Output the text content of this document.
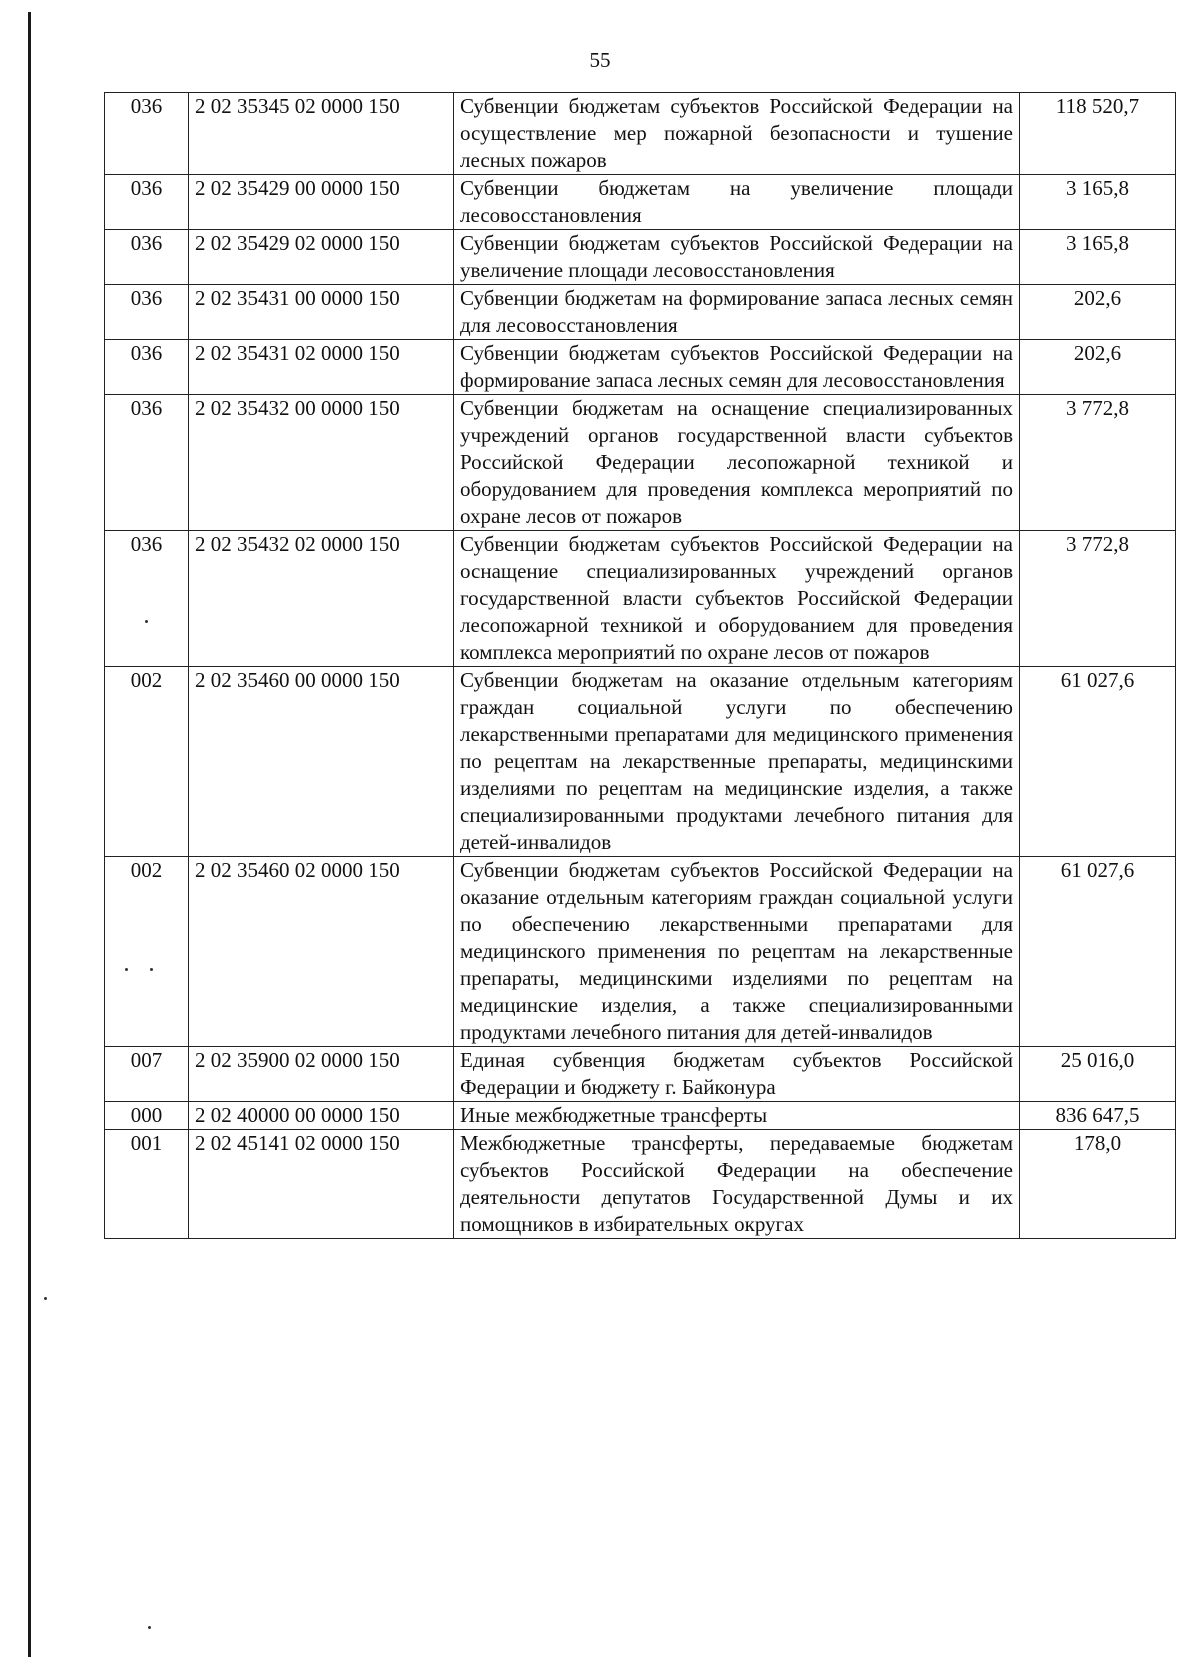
55
036	2 02 35345 02 0000 150	Субвенции бюджетам субъектов Российской Федерации на осуществление мер пожарной безопасности и тушение лесных пожаров	118 520,7
036	2 02 35429 00 0000 150	Субвенции бюджетам на увеличение площади лесовосстановления	3 165,8
036	2 02 35429 02 0000 150	Субвенции бюджетам субъектов Российской Федерации на увеличение площади лесовосстановления	3 165,8
036	2 02 35431 00 0000 150	Субвенции бюджетам на формирование запаса лесных семян для лесовосстановления	202,6
036	2 02 35431 02 0000 150	Субвенции бюджетам субъектов Российской Федерации на формирование запаса лесных семян для лесовосстановления	202,6
036	2 02 35432 00 0000 150	Субвенции бюджетам на оснащение специализированных учреждений органов государственной власти субъектов Российской Федерации лесопожарной техникой и оборудованием для проведения комплекса мероприятий по охране лесов от пожаров	3 772,8
036	2 02 35432 02 0000 150	Субвенции бюджетам субъектов Российской Федерации на оснащение специализированных учреждений органов государственной власти субъектов Российской Федерации лесопожарной техникой и оборудованием для проведения комплекса мероприятий по охране лесов от пожаров	3 772,8
002	2 02 35460 00 0000 150	Субвенции бюджетам на оказание отдельным категориям граждан социальной услуги по обеспечению лекарственными препаратами для медицинского применения по рецептам на лекарственные препараты, медицинскими изделиями по рецептам на медицинские изделия, а также специализированными продуктами лечебного питания для детей-инвалидов	61 027,6
002	2 02 35460 02 0000 150	Субвенции бюджетам субъектов Российской Федерации на оказание отдельным категориям граждан социальной услуги по обеспечению лекарственными препаратами для медицинского применения по рецептам на лекарственные препараты, медицинскими изделиями по рецептам на медицинские изделия, а также специализированными продуктами лечебного питания для детей-инвалидов	61 027,6
007	2 02 35900 02 0000 150	Единая субвенция бюджетам субъектов Российской Федерации и бюджету г. Байконура	25 016,0
000	2 02 40000 00 0000 150	Иные межбюджетные трансферты	836 647,5
001	2 02 45141 02 0000 150	Межбюджетные трансферты, передаваемые бюджетам субъектов Российской Федерации на обеспечение деятельности депутатов Государственной Думы и их помощников в избирательных округах	178,0
